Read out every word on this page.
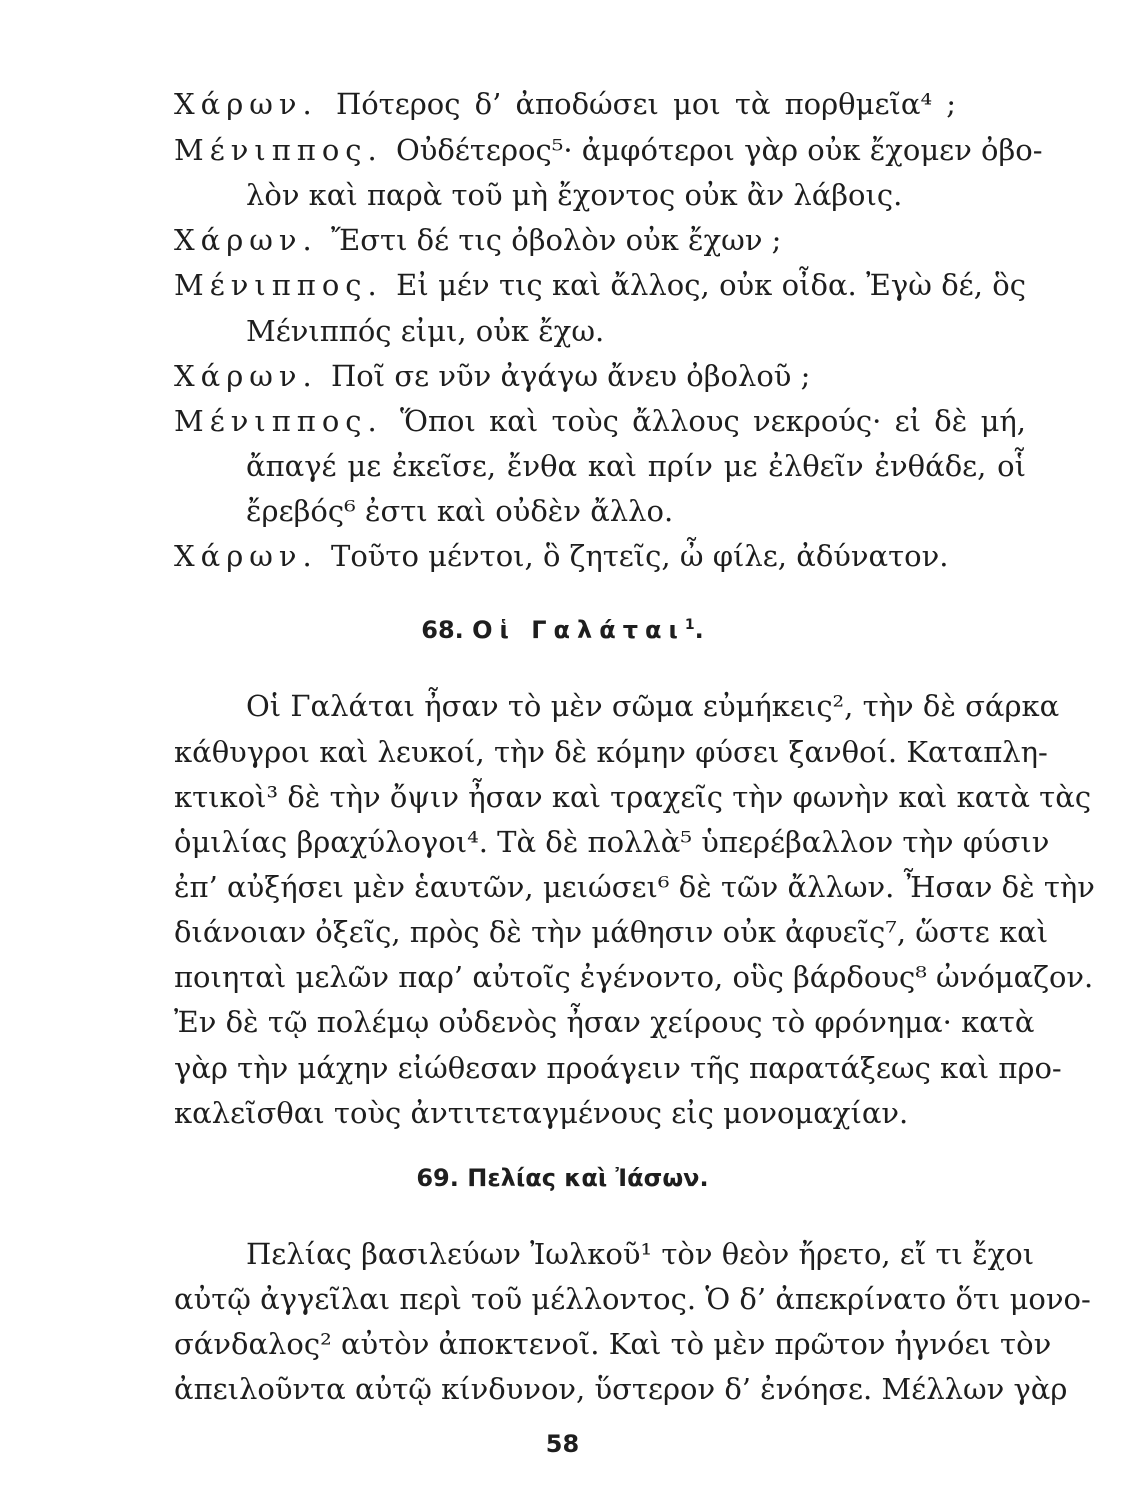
Χάρων. Πότερος δ’ ἀποδώσει μοι τὰ πορθμεῖα⁴ ;
Μένιππος. Οὐδέτερος⁵· ἀμφότεροι γὰρ οὐκ ἔχομεν ὀβο-
λὸν καὶ παρὰ τοῦ μὴ ἔχοντος οὐκ ἂν λάβοις.
Χάρων. Ἔστι δέ τις ὀβολὸν οὐκ ἔχων ;
Μένιππος. Εἰ μέν τις καὶ ἄλλος, οὐκ οἶδα. Ἐγὼ δέ, ὃς
Μένιππός εἰμι, οὐκ ἔχω.
Χάρων. Ποῖ σε νῦν ἀγάγω ἄνευ ὀβολοῦ ;
Μένιππος. Ὅποι καὶ τοὺς ἄλλους νεκρούς· εἰ δὲ μή,
ἄπαγέ με ἐκεῖσε, ἔνθα καὶ πρίν με ἐλθεῖν ἐνθάδε, οἷ
ἔρεβός⁶ ἐστι καὶ οὐδὲν ἄλλο.
Χάρων. Τοῦτο μέντοι, ὃ ζητεῖς, ὦ φίλε, ἀδύνατον.
68. Οἱ Γαλάται$^1$.
Οἱ Γαλάται ἦσαν τὸ μὲν σῶμα εὐμήκεις², τὴν δὲ σάρκα
κάθυγροι καὶ λευκοί, τὴν δὲ κόμην φύσει ξανθοί. Καταπλη-
κτικοὶ³ δὲ τὴν ὄψιν ἦσαν καὶ τραχεῖς τὴν φωνὴν καὶ κατὰ τὰς
ὁμιλίας βραχύλογοι⁴. Τὰ δὲ πολλὰ⁵ ὑπερέβαλλον τὴν φύσιν
ἐπ’ αὐξήσει μὲν ἑαυτῶν, μειώσει⁶ δὲ τῶν ἄλλων. Ἦσαν δὲ τὴν
διάνοιαν ὀξεῖς, πρὸς δὲ τὴν μάθησιν οὐκ ἀφυεῖς⁷, ὥστε καὶ
ποιηταὶ μελῶν παρ’ αὐτοῖς ἐγένοντο, οὓς βάρδους⁸ ὠνόμαζον.
Ἐν δὲ τῷ πολέμῳ οὐδενὸς ἦσαν χείρους τὸ φρόνημα· κατὰ
γὰρ τὴν μάχην εἰώθεσαν προάγειν τῆς παρατάξεως καὶ προ-
καλεῖσθαι τοὺς ἀντιτεταγμένους εἰς μονομαχίαν.
69. Πελίας καὶ Ἰάσων.
Πελίας βασιλεύων Ἰωλκοῦ¹ τὸν θεὸν ἤρετο, εἴ τι ἔχοι
αὐτῷ ἀγγεῖλαι περὶ τοῦ μέλλοντος. Ὁ δ’ ἀπεκρίνατο ὅτι μονο-
σάνδαλος² αὐτὸν ἀποκτενοῖ. Καὶ τὸ μὲν πρῶτον ἠγνόει τὸν
ἀπειλοῦντα αὐτῷ κίνδυνον, ὕστερον δ’ ἐνόησε. Μέλλων γὰρ
58
